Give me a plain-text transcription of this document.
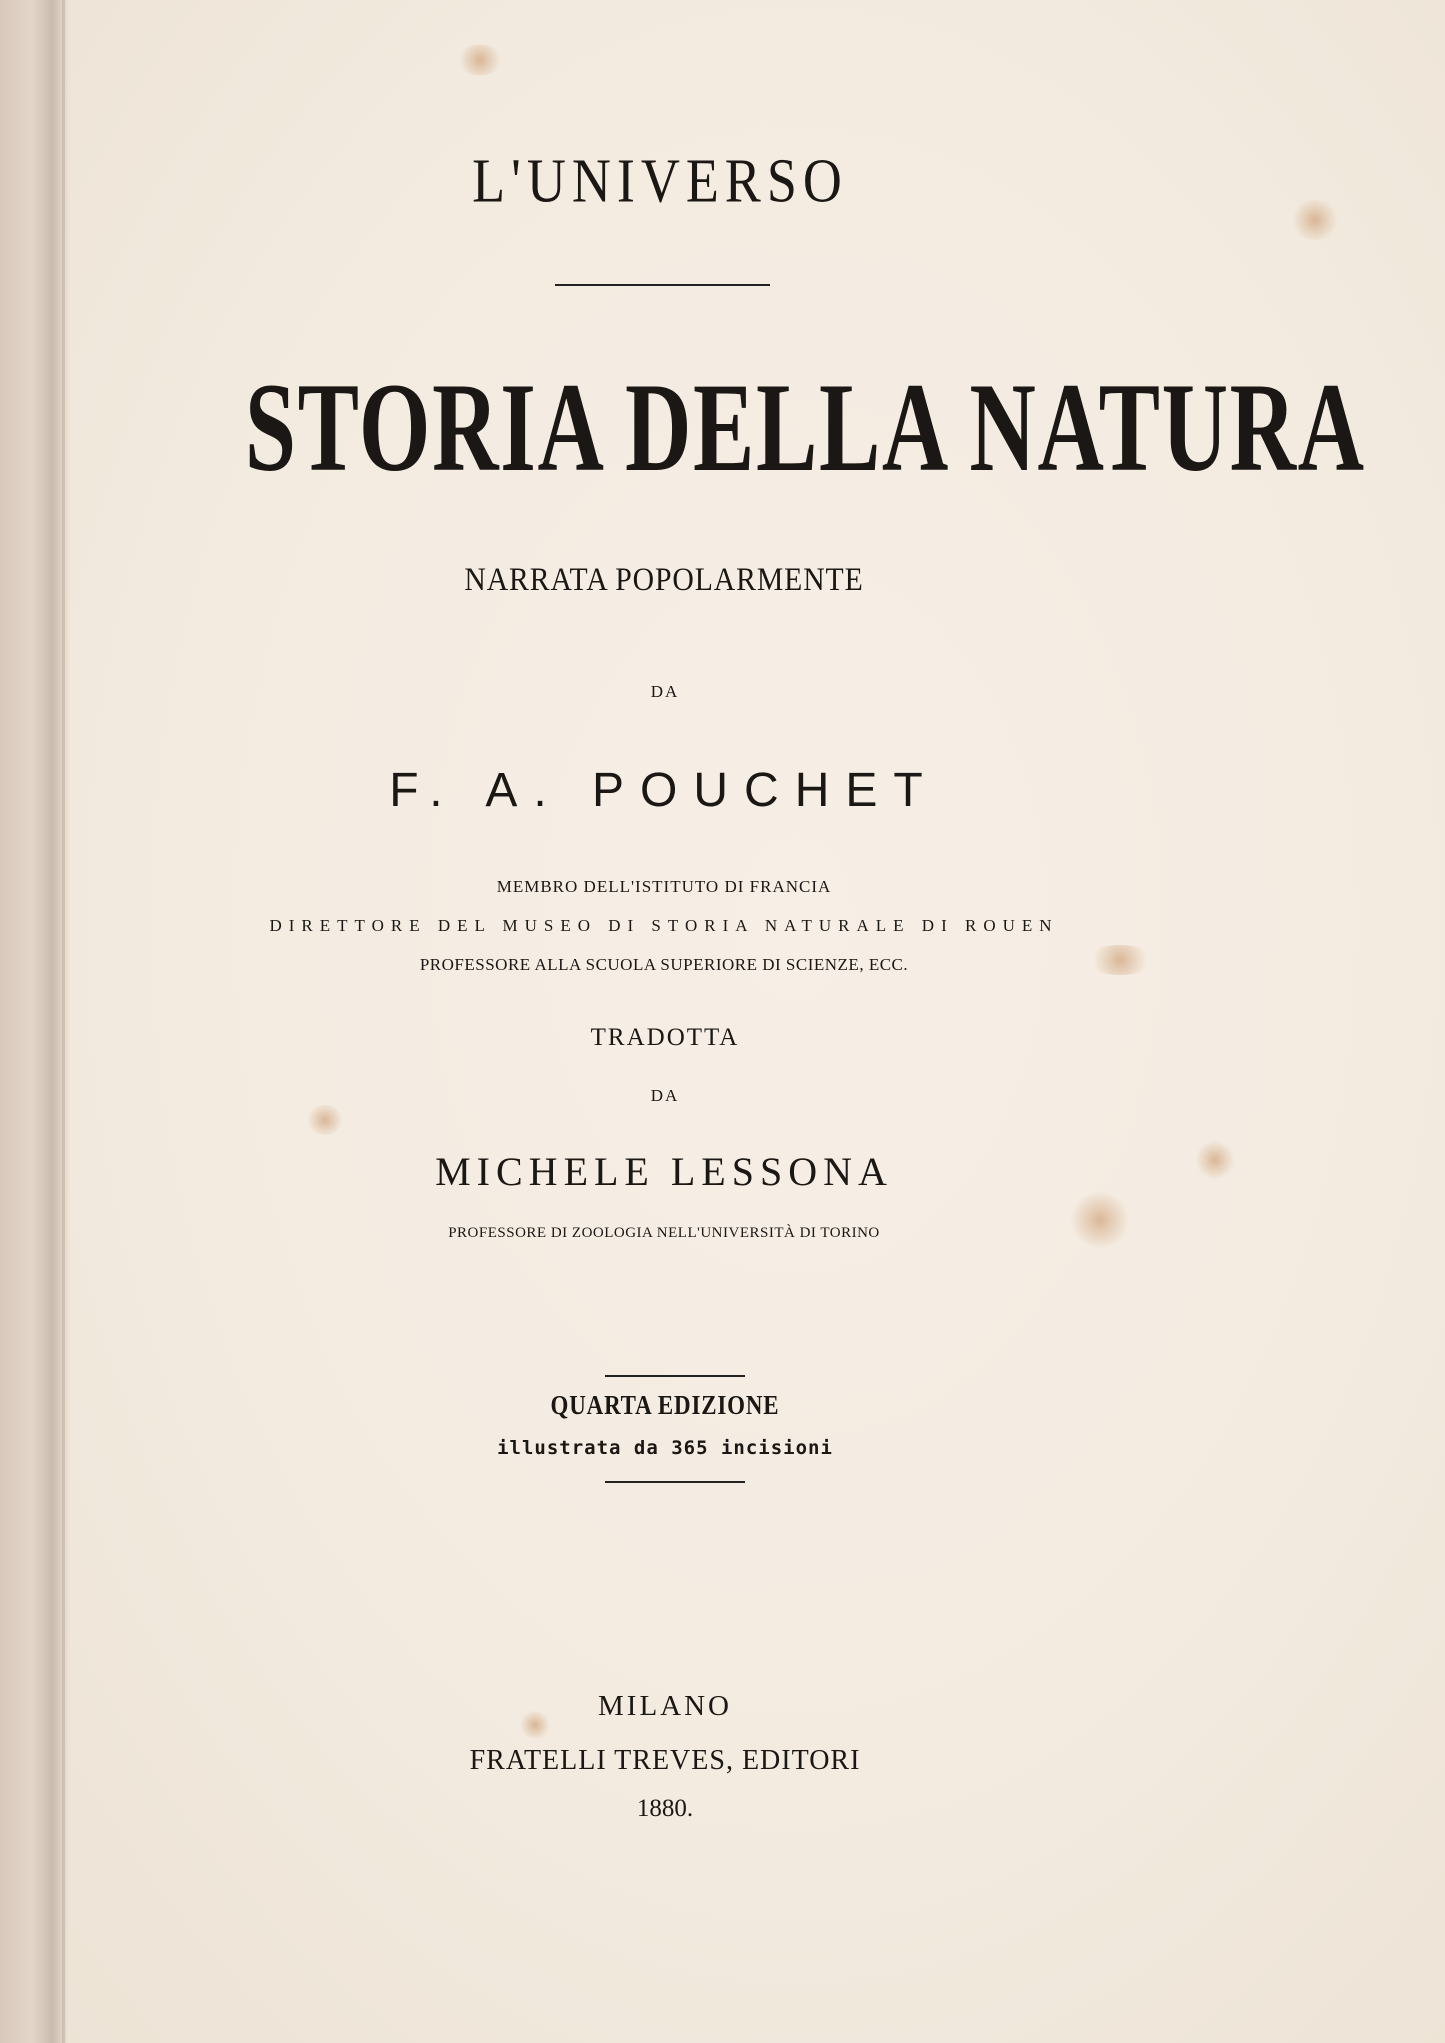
L'UNIVERSO
STORIA DELLA NATURA
NARRATA POPOLARMENTE
DA
F. A. POUCHET
MEMBRO DELL'ISTITUTO DI FRANCIA
DIRETTORE DEL MUSEO DI STORIA NATURALE DI ROUEN
PROFESSORE ALLA SCUOLA SUPERIORE DI SCIENZE, ECC.
TRADOTTA
DA
MICHELE LESSONA
PROFESSORE DI ZOOLOGIA NELL'UNIVERSITÀ DI TORINO
QUARTA EDIZIONE
illustrata da 365 incisioni
MILANO
FRATELLI TREVES, EDITORI
1880.
